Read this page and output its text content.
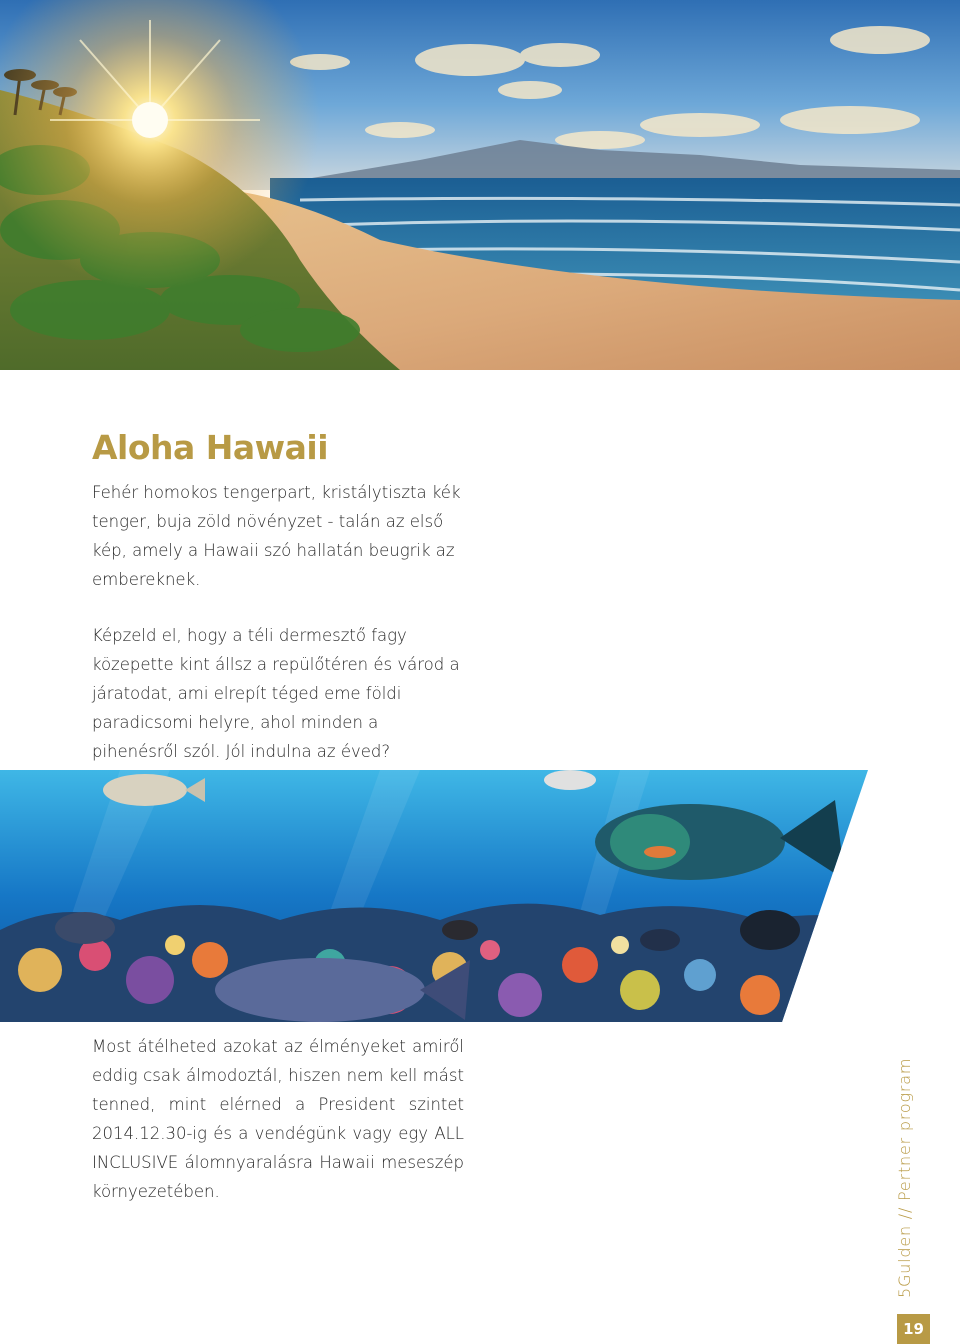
Aloha Hawaii

Fehér homokos tengerpart, kristálytiszta kék tenger, buja zöld növényzet - talán az első kép, amely a Hawaii szó hallatán beugrik az embereknek.

Képzeld el, hogy a téli dermesztő fagy közepette kint állsz a repülőtéren és várod a járatodat, ami elrepít téged eme földi paradicsomi helyre, ahol minden a pihenésről szól. Jól indulna az éved?

Most átélheted azokat az élményeket amiről eddig csak álmodoztál, hiszen nem kell mást tenned, mint elérned a President szintet 2014.12.30-ig és a vendégünk vagy egy ALL INCLUSIVE álomnyaralásra Hawaii meseszép környezetében.	5Gulden // Pertner program
19
